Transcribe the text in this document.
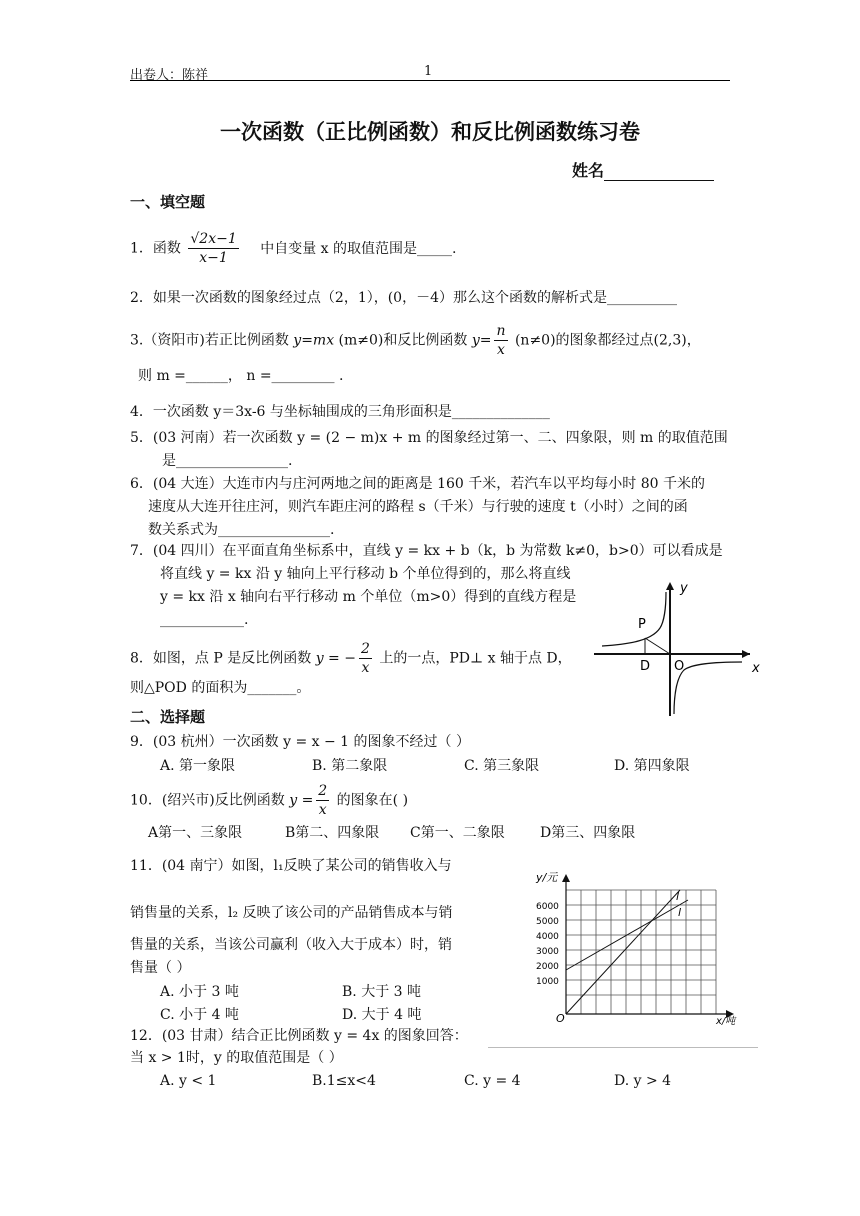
出卷人：陈祥	1
一次函数（正比例函数）和反比例函数练习卷
姓名
一、填空题
1．函数 $\frac{√2x-1}{x-1}$ 中自变量 x 的取值范围是_____.
2．如果一次函数的图象经过点（2，1），(0，－4）那么这个函数的解析式是__________
3.（资阳市)若正比例函数 y=mx (m≠0)和反比例函数 $y= \frac{n}{x} (n\ne 0)$的图象都经过点(2,3)，
则 m =______， n =_________ .
4．一次函数 y＝3x-6 与坐标轴围成的三角形面积是______________
5．(03 河南）若一次函数 y = (2 − m)x + m 的图象经过第一、二、四象限，则 m 的取值范围
是________________.
6．(04 大连）大连市内与庄河两地之间的距离是 160 千米，若汽车以平均每小时 80 千米的
速度从大连开往庄河，则汽车距庄河的路程 s（千米）与行驶的速度 t（小时）之间的函
数关系式为________________.
7．(04 四川）在平面直角坐标系中，直线 y = kx + b（k，b 为常数 k≠0，b>0）可以看成是
将直线 y = kx 沿 y 轴向上平行移动 b 个单位得到的，那么将直线
y = kx 沿 x 轴向右平行移动 m 个单位（m>0）得到的直线方程是
____________.
8．如图，点 P 是反比例函数 y = − $\frac{2}{x}$ 上的一点，PD⊥ x 轴于点 D，
则△POD 的面积为_______。
P
D O	x
y
二、选择题
9．(03 杭州）一次函数 y = x − 1 的图象不经过（ ）
A. 第一象限	B. 第二象限	C. 第三象限	D. 第四象限
10．(绍兴市)反比例函数 $y = \frac{2}{x}$ 的图象在( )
A第一、三象限	B第二、四象限 C第一、二象限	D第三、四象限
11．(04 南宁）如图，l₁反映了某公司的销售收入与
销售量的关系，l₂ 反映了该公司的产品销售成本与销
售量的关系，当该公司赢利（收入大于成本）时，销
售量（ ）
A. 小于 3 吨	B. 大于 3 吨
C. 小于 4 吨	D. 大于 4 吨
y/元
x/吨
O
6000
5000
4000
3000
2000
1000
l
l
12．(03 甘肃）结合正比例函数 y = 4x 的图象回答：
当 x > 1时，y 的取值范围是（ ）
A. y < 1	B.1≤x<4	C. y = 4	D. y > 4
